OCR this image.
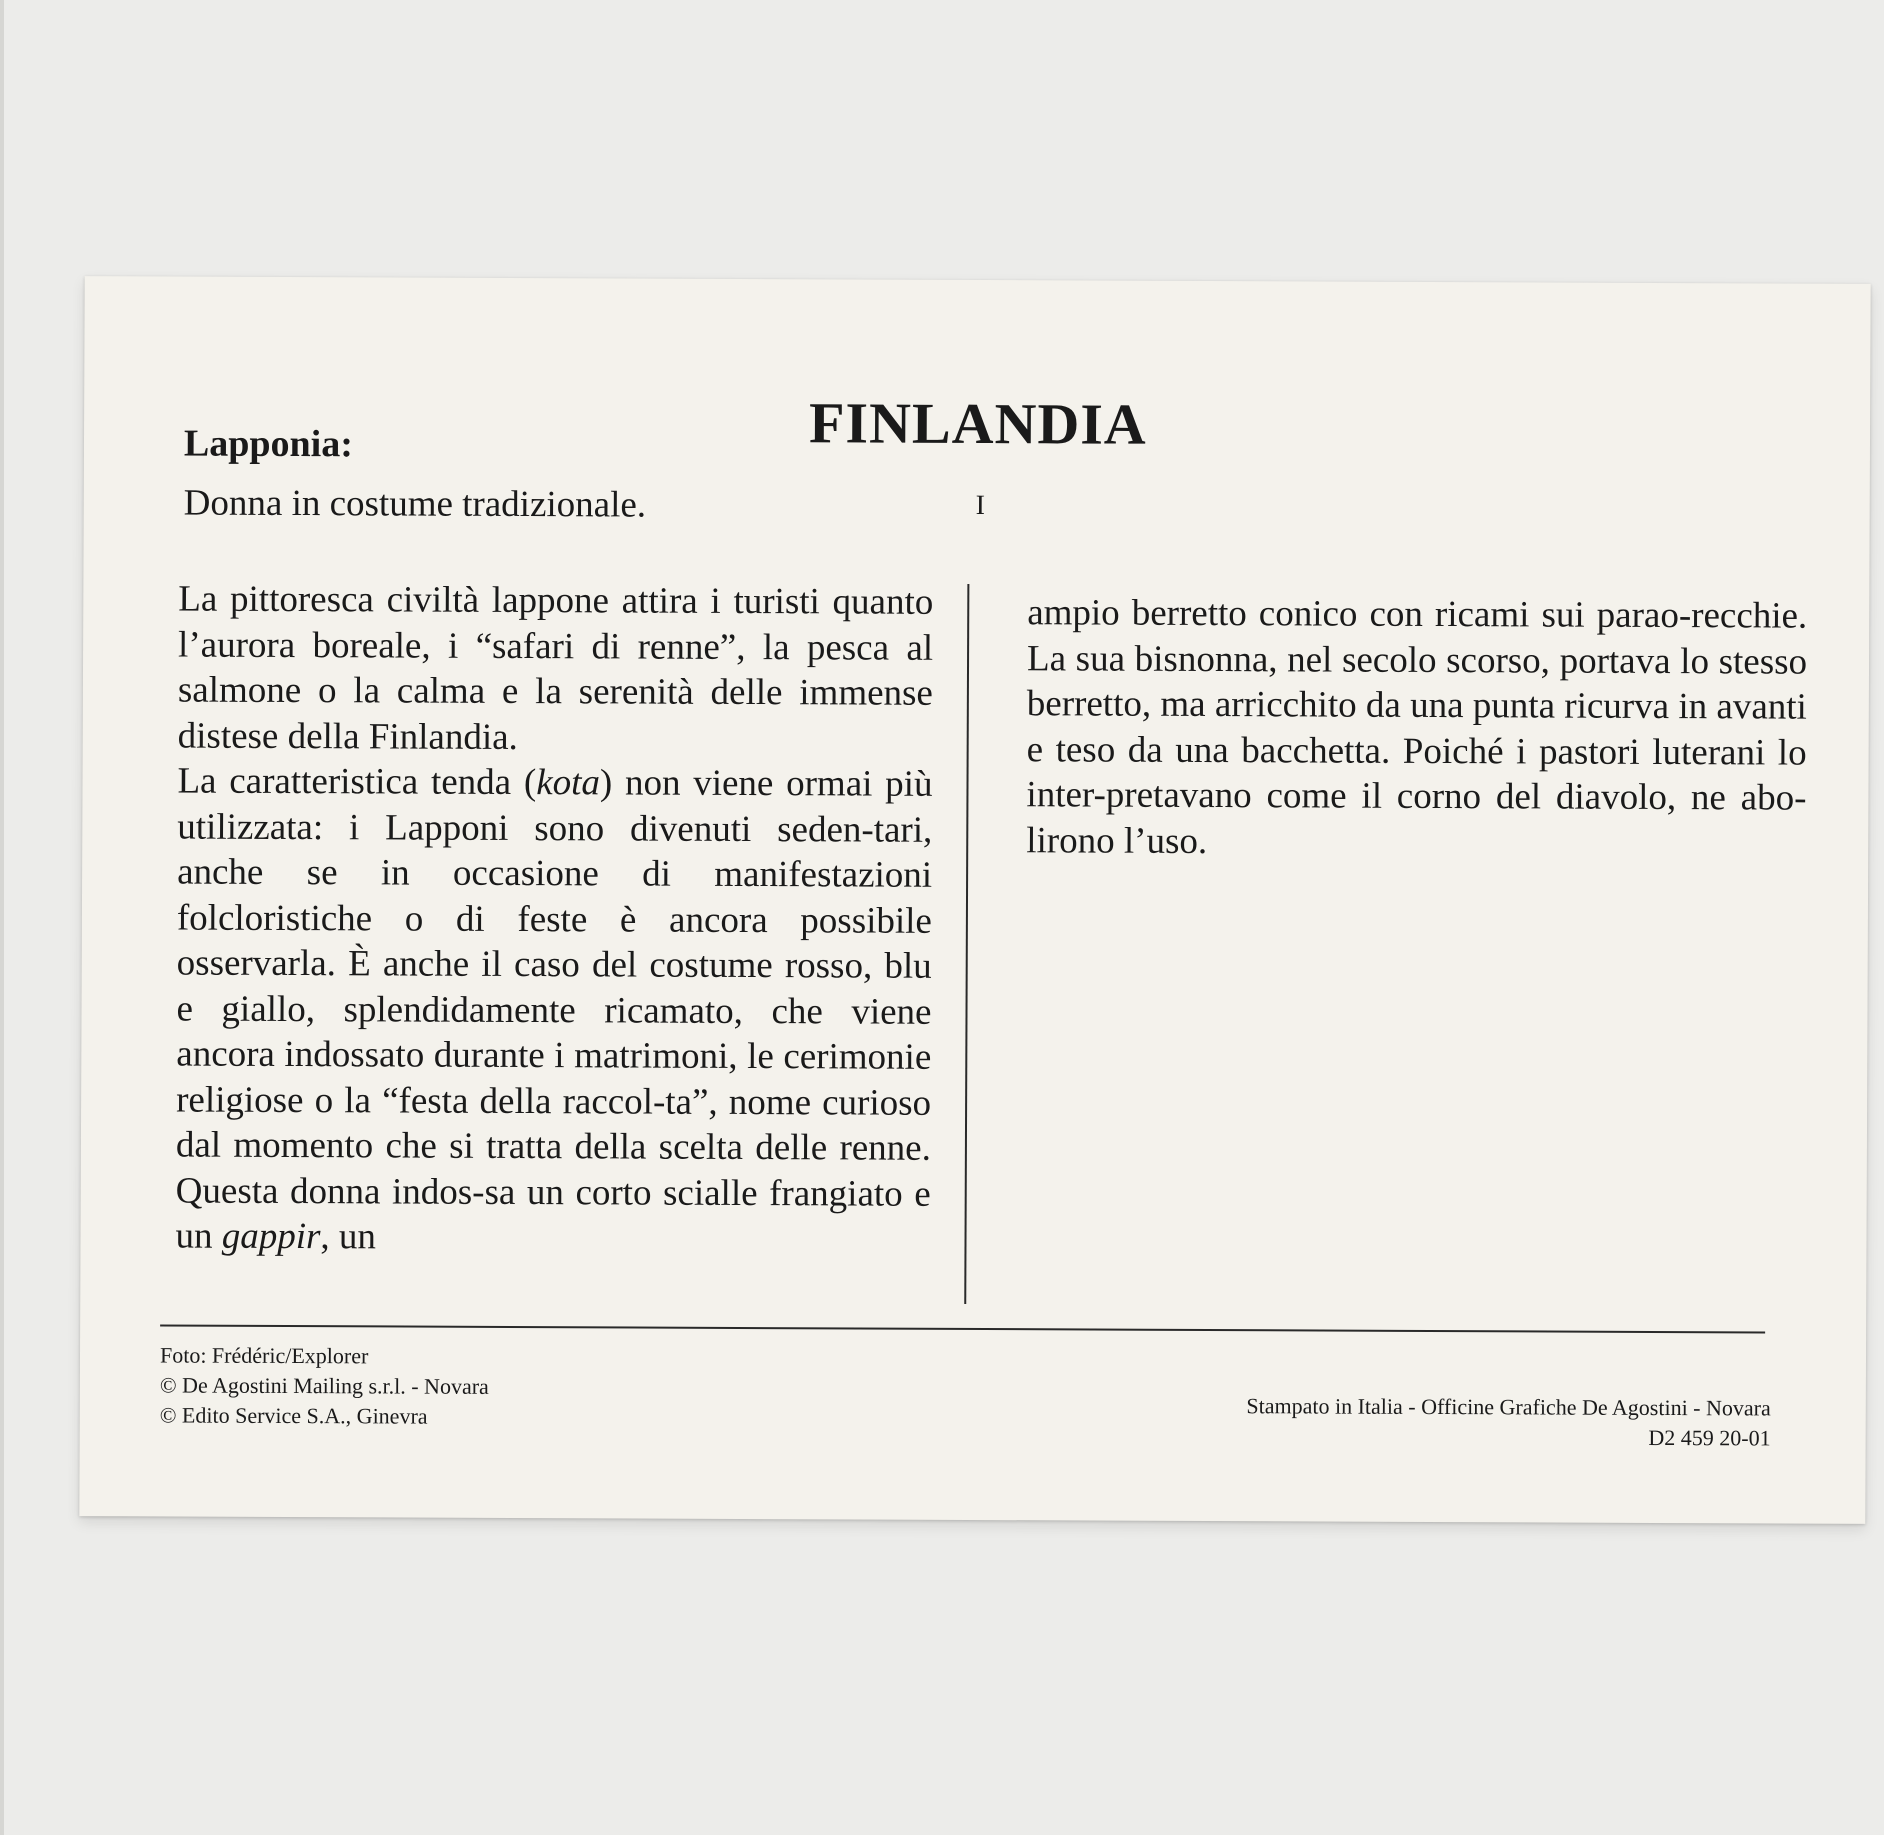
FINLANDIA
Lapponia:
Donna in costume tradizionale.	I

La pittoresca civiltà lappone attira i turisti quanto l’aurora boreale, i “safari di renne”, la pesca al salmone o la calma e la serenità delle immense distese della Finlandia.

La caratteristica tenda (kota) non viene ormai più utilizzata: i Lapponi sono divenuti seden-tari, anche se in occasione di manifestazioni folcloristiche o di feste è ancora possibile osservarla. È anche il caso del costume rosso, blu e giallo, splendidamente ricamato, che viene ancora indossato durante i matrimoni, le cerimonie religiose o la “festa della raccol-ta”, nome curioso dal momento che si tratta della scelta delle renne. Questa donna indos-sa un corto scialle frangiato e un gappir, un

ampio berretto conico con ricami sui parao-recchie. La sua bisnonna, nel secolo scorso, portava lo stesso berretto, ma arricchito da una punta ricurva in avanti e teso da una bacchetta. Poiché i pastori luterani lo inter-pretavano come il corno del diavolo, ne abo-lirono l’uso.

Foto: Frédéric/Explorer
© De Agostini Mailing s.r.l. - Novara
© Edito Service S.A., Ginevra	Stampato in Italia - Officine Grafiche De Agostini - Novara
D2 459 20-01
